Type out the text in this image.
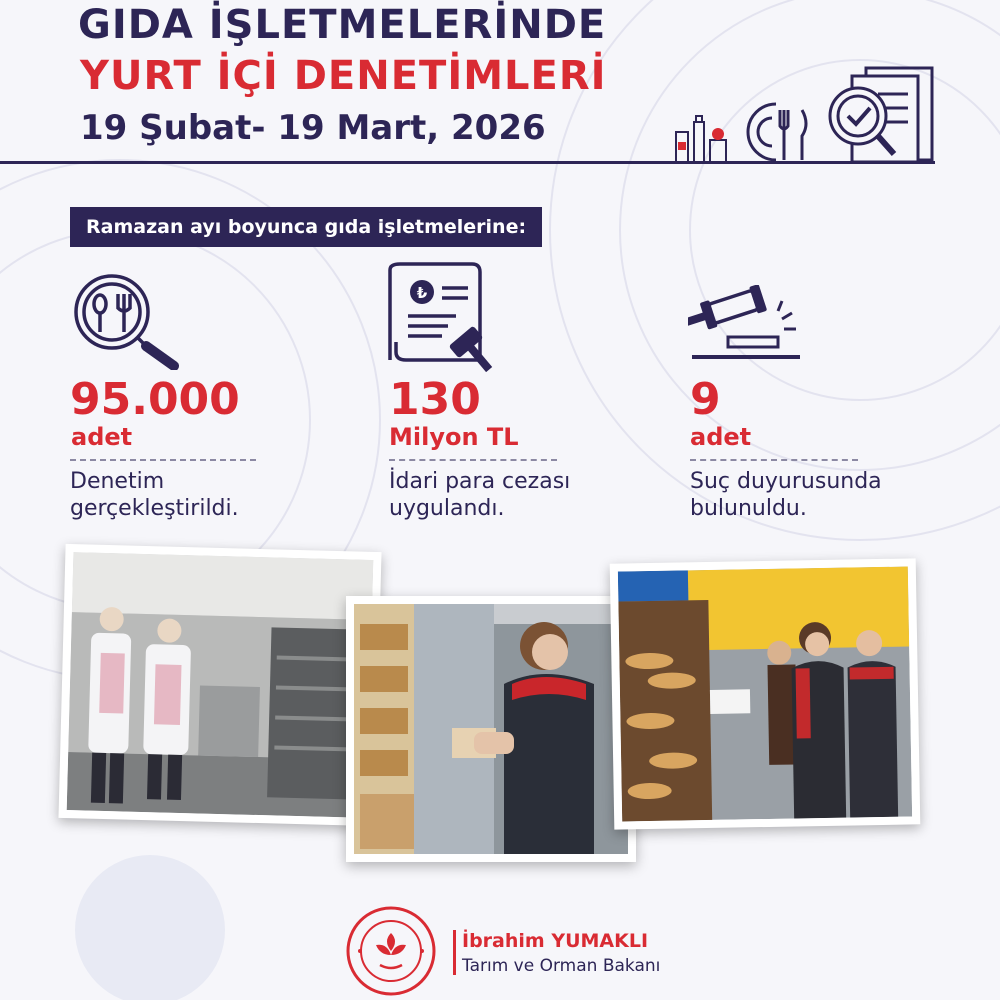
GIDA İŞLETMELERİNDE
YURT İÇİ DENETİMLERİ
19 Şubat- 19 Mart, 2026
Ramazan ayı boyunca gıda işletmelerine:
95.000
adet
Denetim
gerçekleştirildi.
₺
130
Milyon TL
İdari para cezası
uygulandı.
9
adet
Suç duyurusunda
bulunuldu.
İbrahim YUMAKLI
Tarım ve Orman Bakanı
